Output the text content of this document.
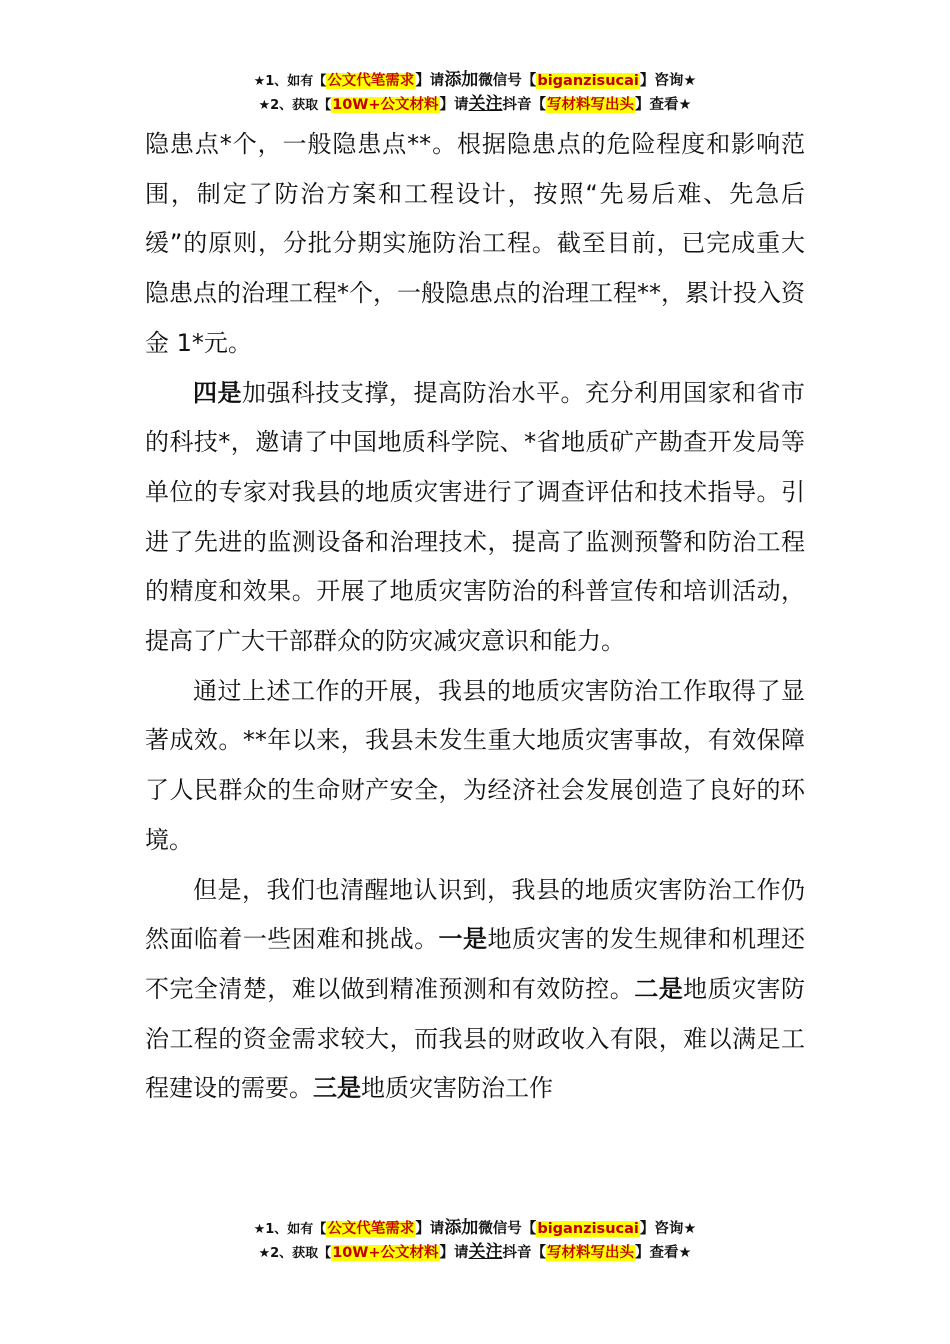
★1、如有【公文代笔需求】请添加微信号【biganzisucai】咨询★
★2、获取【10W+公文材料】请关注抖音【写材料写出头】查看★

隐患点*个，一般隐患点**。根据隐患点的危险程度和影响范围，制定了防治方案和工程设计，按照“先易后难、先急后缓”的原则，分批分期实施防治工程。截至目前，已完成重大隐患点的治理工程*个，一般隐患点的治理工程**，累计投入资金 1*元。

四是加强科技支撑，提高防治水平。充分利用国家和省市的科技*，邀请了中国地质科学院、*省地质矿产勘查开发局等单位的专家对我县的地质灾害进行了调查评估和技术指导。引进了先进的监测设备和治理技术，提高了监测预警和防治工程的精度和效果。开展了地质灾害防治的科普宣传和培训活动，提高了广大干部群众的防灾减灾意识和能力。

通过上述工作的开展，我县的地质灾害防治工作取得了显著成效。**年以来，我县未发生重大地质灾害事故，有效保障了人民群众的生命财产安全，为经济社会发展创造了良好的环境。

但是，我们也清醒地认识到，我县的地质灾害防治工作仍然面临着一些困难和挑战。一是地质灾害的发生规律和机理还不完全清楚，难以做到精准预测和有效防控。二是地质灾害防治工程的资金需求较大，而我县的财政收入有限，难以满足工程建设的需要。三是地质灾害防治工作

★1、如有【公文代笔需求】请添加微信号【biganzisucai】咨询★
★2、获取【10W+公文材料】请关注抖音【写材料写出头】查看★
